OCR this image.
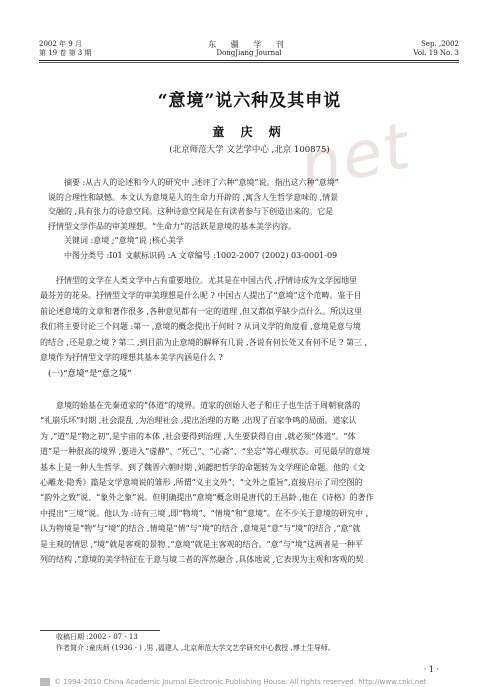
net
2002 年 9 月
第 19 卷 第 3 期
东 疆 学 刊
DongJiang Journal
Sep. ,2002
Vol. 19 No. 3
“意境”说六种及其申说
童 庆 炳
(北京师范大学 文艺学中心 ,北京 100875)

摘要 :从古人的论述和今人的研究中 ,述评了六种“意境”说。指出这六种“意境”

说的合理性和缺憾。本文认为意境是人的生命力开辟的 ,寓含人生哲学意味的 ,情景

交融的 ,具有张力的诗意空间。这种诗意空间是在有读者参与下创造出来的。它是

抒情型文学作品的审美理想。“生命力”的活跃是意境的基本美学内容。

关键词 :意境 ;“意境”说 ;核心美学

中图分类号 :I01 文献标识码 :A 文章编号 :1002-2007 (2002) 03-0001-09

抒情型的文学在人类文学中占有重要地位。尤其是在中国古代 ,抒情诗成为文学园地里

最芬芳的花朵。抒情型文学的审美理想是什么呢 ? 中国古人提出了“意境”这个范畴。鉴于目

前论述意境的文章和著作很多 ,各种意见都有一定的道理 ,但又都似乎缺少点什么。所以这里

我们将主要讨论三个问题 :第一 ,意境的概念提出于何时 ? 从词义学的角度看 ,意境是意与境

的结合 ,还是意之境 ? 第二 ,到目前为止意境的解释有几说 ,各说有何长处又有何不足 ? 第三 ,

意境作为抒情型文学的理想其基本美学内涵是什么 ?

(一)“意境”是“意之境”

意境的始基在先秦道家的“体道”的境界。道家的创始人老子和庄子也生活于周朝衰落的

“礼崩乐坏”时期 ,社会混乱 ,为治理社会 ,提出治理的方略 ,出现了百家争鸣的局面。道家认

为 ,“道”是“物之初”,是宇宙的本体 ,社会要得到治理 ,人生要获得自由 ,就必须“体道”。“体

道”是一种很高的境界 ,要进入“虚静”、“死己”、“心斋”、“坐忘”等心理状态。可见最早的意境

基本上是一种人生哲学。到了魏晋六朝时期 ,刘勰把哲学的命题转为文学理论命题。他的《文

心雕龙·隐秀》篇是文学意境说的雏形 ,所谓“义主文外”、“文外之重旨”,直接启示了司空图的

“韵外之致”说、“象外之象”说。但明确提出“意境”概念则是唐代的王昌龄 ,他在《诗格》的著作

中提出“三境”说。他认为 :诗有三境 ,即“物境”、“情境”和“意境”。在不少关于意境的研究中 ,

认为物境是“物”与“境”的结合 ,情境是“情”与“境”的结合 ,意境是“意”与“境”的结合 ,“意”就

是主观的情思 ,“境”就是客观的景物 ,“意境”就是主客观的结合。“意”与“境”这两者是一种平

列的结构 ,“意境的美学特征在于意与境二者的浑然融合 ,具体地说 ,它表现为主观和客观的契

收稿日期 :2002 - 07 - 13
作者简介 :童庆炳 (1936 - ) ,男 ,福建人 ,北京师范大学文艺学研究中心教授 ,博士生导师。
· 1 ·
© 1994-2010 China Academic Journal Electronic Publishing House. All rights reserved. http://www.cnki.net
